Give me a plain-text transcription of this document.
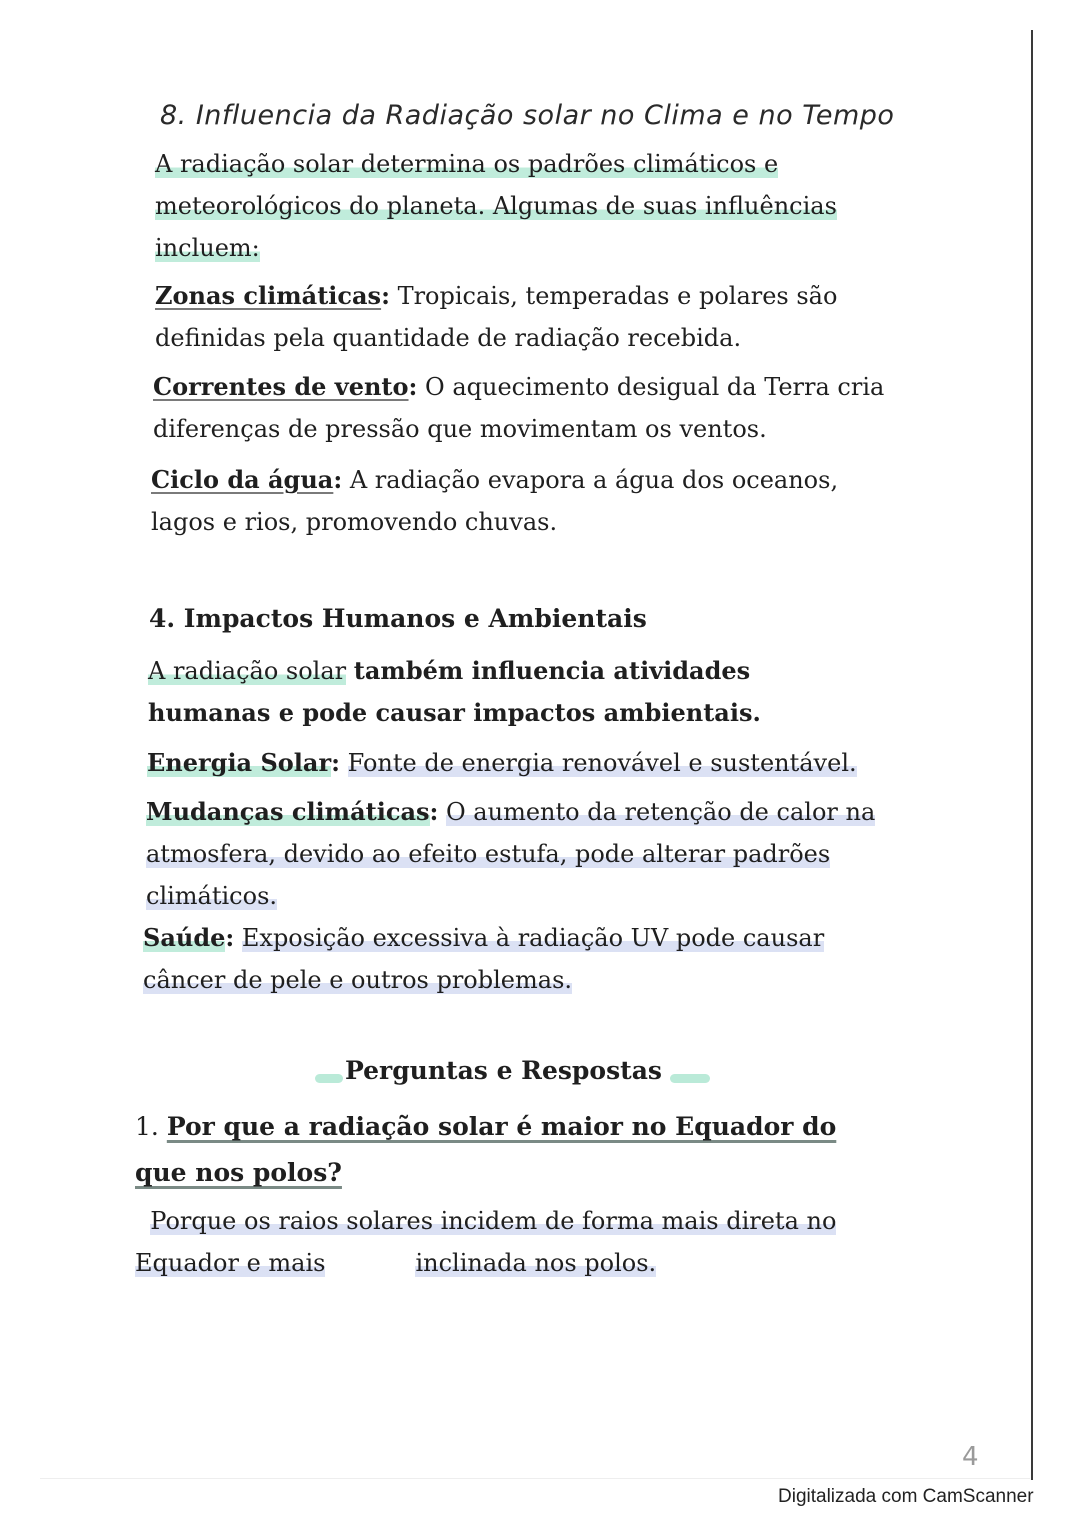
8. Influencia da Radiação solar no Clima e no Tempo

A radiação solar determina os padrões climáticos e meteorológicos do planeta. Algumas de suas influências incluem:

Zonas climáticas: Tropicais, temperadas e polares são definidas pela quantidade de radiação recebida.

Correntes de vento: O aquecimento desigual da Terra cria diferenças de pressão que movimentam os ventos.

Ciclo da água: A radiação evapora a água dos oceanos, lagos e rios, promovendo chuvas.

4. Impactos Humanos e Ambientais

A radiação solar também influencia atividades humanas e pode causar impactos ambientais.

Energia Solar: Fonte de energia renovável e sustentável.

Mudanças climáticas: O aumento da retenção de calor na atmosfera, devido ao efeito estufa, pode alterar padrões climáticos.

Saúde: Exposição excessiva à radiação UV pode causar câncer de pele e outros problemas.

Perguntas e Respostas

1. Por que a radiação solar é maior no Equador do que nos polos?

Porque os raios solares incidem de forma mais direta no Equador e mais	inclinada nos polos.

4
Digitalizada com CamScanner
